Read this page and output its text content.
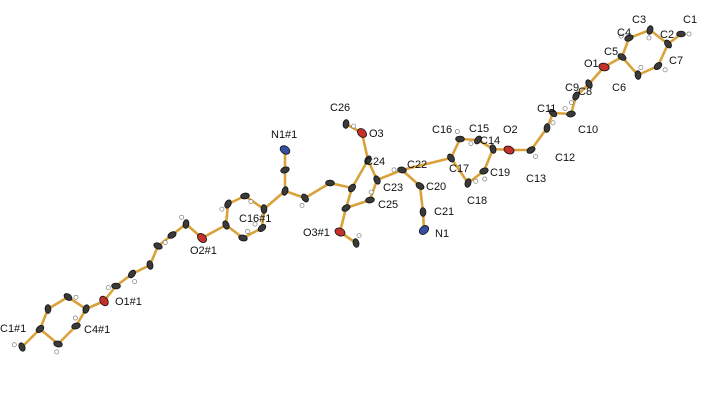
C1
C2
C3
C4
C5
C6
C7
O1
C8
C9
C10
C11
C12
C13
O2
C14
C15
C16
C17
C18
C19
C20
C21
N1
C22
C23
C24
C25
O3
C26
O3#1
N1#1
C16#1
O2#1
O1#1
C4#1
C1#1
